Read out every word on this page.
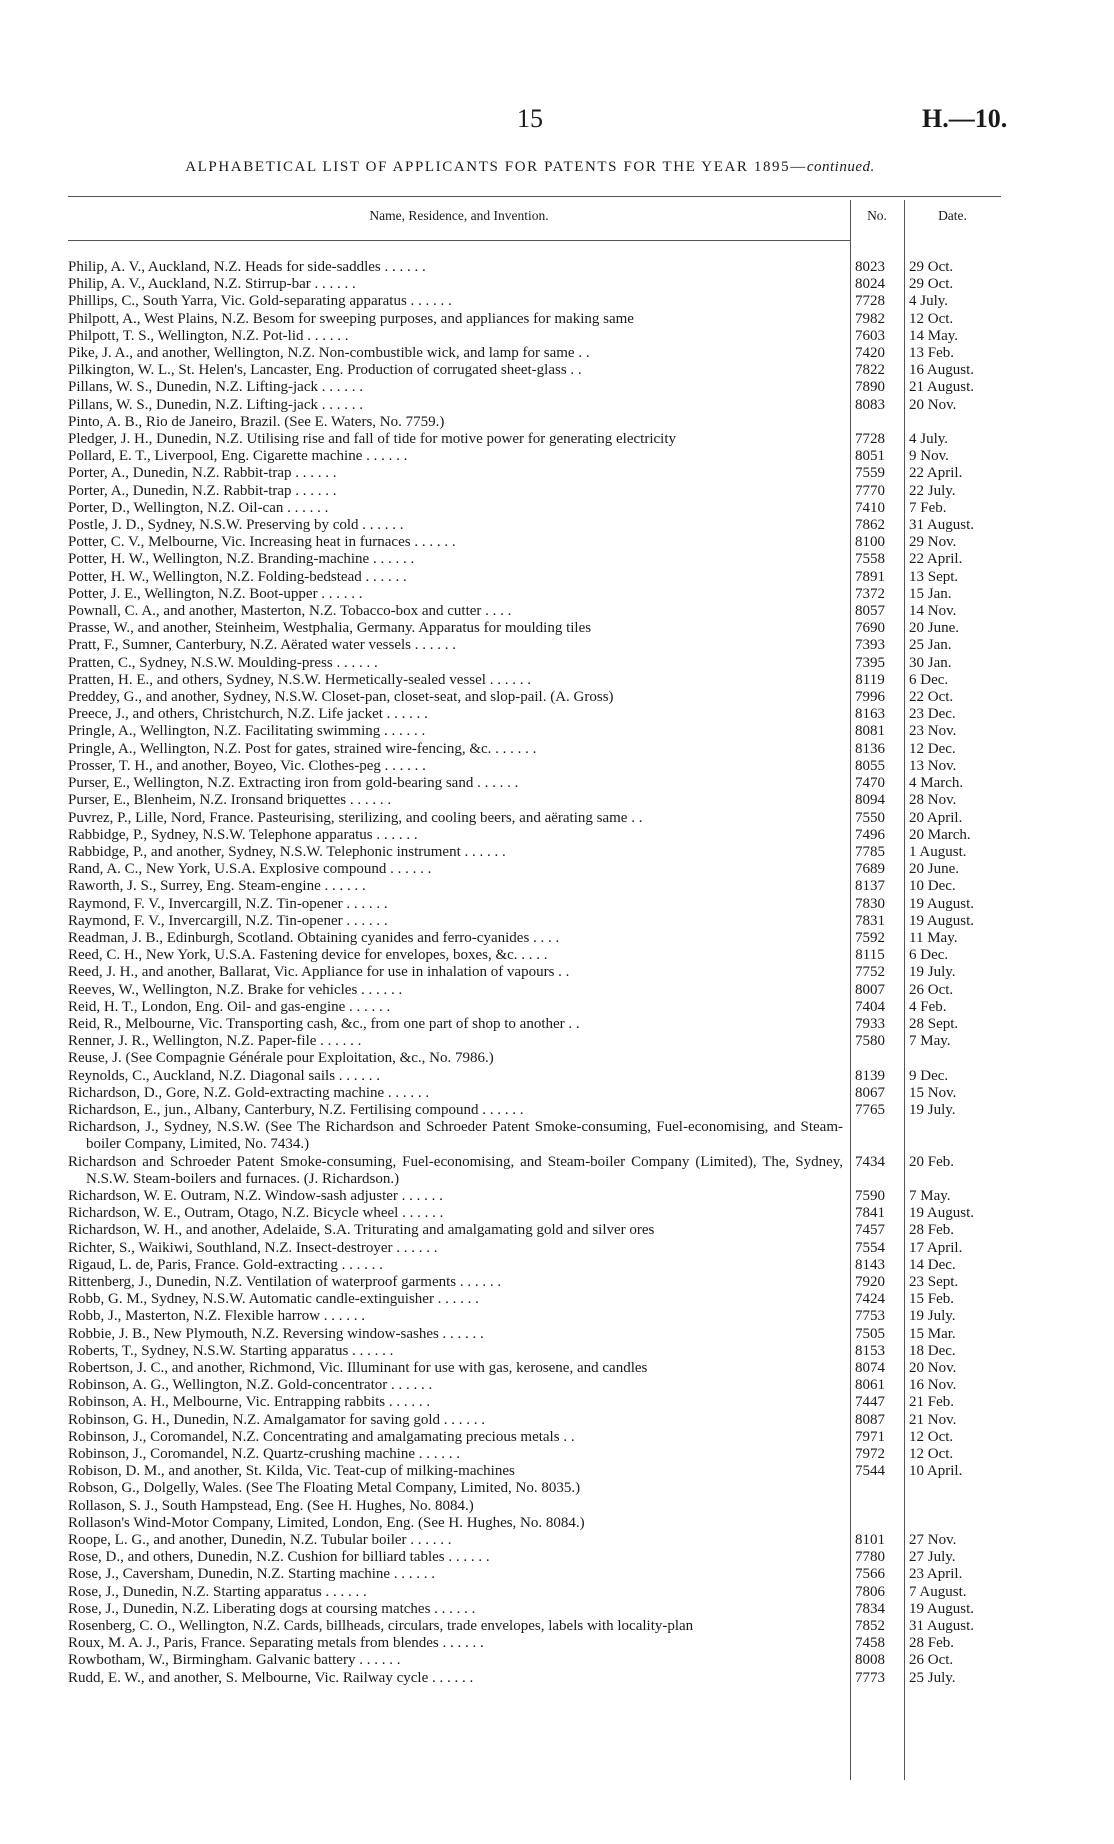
15	H.—10.
ALPHABETICAL LIST OF APPLICANTS FOR PATENTS FOR THE YEAR 1895—continued.
Name, Residence, and Invention.	No.	Date.
Philip, A. V., Auckland, N.Z. Heads for side-saddles . . . . . .	8023	29 Oct.
Philip, A. V., Auckland, N.Z. Stirrup-bar . . . . . .	8024	29 Oct.
Phillips, C., South Yarra, Vic. Gold-separating apparatus . . . . . .	7728	4 July.
Philpott, A., West Plains, N.Z. Besom for sweeping purposes, and appliances for making same	7982	12 Oct.
Philpott, T. S., Wellington, N.Z. Pot-lid . . . . . .	7603	14 May.
Pike, J. A., and another, Wellington, N.Z. Non-combustible wick, and lamp for same . .	7420	13 Feb.
Pilkington, W. L., St. Helen's, Lancaster, Eng. Production of corrugated sheet-glass . .	7822	16 August.
Pillans, W. S., Dunedin, N.Z. Lifting-jack . . . . . .	7890	21 August.
Pillans, W. S., Dunedin, N.Z. Lifting-jack . . . . . .	8083	20 Nov.
Pinto, A. B., Rio de Janeiro, Brazil. (See E. Waters, No. 7759.)
Pledger, J. H., Dunedin, N.Z. Utilising rise and fall of tide for motive power for generating electricity	7728	4 July.
Pollard, E. T., Liverpool, Eng. Cigarette machine . . . . . .	8051	9 Nov.
Porter, A., Dunedin, N.Z. Rabbit-trap . . . . . .	7559	22 April.
Porter, A., Dunedin, N.Z. Rabbit-trap . . . . . .	7770	22 July.
Porter, D., Wellington, N.Z. Oil-can . . . . . .	7410	7 Feb.
Postle, J. D., Sydney, N.S.W. Preserving by cold . . . . . .	7862	31 August.
Potter, C. V., Melbourne, Vic. Increasing heat in furnaces . . . . . .	8100	29 Nov.
Potter, H. W., Wellington, N.Z. Branding-machine . . . . . .	7558	22 April.
Potter, H. W., Wellington, N.Z. Folding-bedstead . . . . . .	7891	13 Sept.
Potter, J. E., Wellington, N.Z. Boot-upper . . . . . .	7372	15 Jan.
Pownall, C. A., and another, Masterton, N.Z. Tobacco-box and cutter . . . .	8057	14 Nov.
Prasse, W., and another, Steinheim, Westphalia, Germany. Apparatus for moulding tiles	7690	20 June.
Pratt, F., Sumner, Canterbury, N.Z. Aërated water vessels . . . . . .	7393	25 Jan.
Pratten, C., Sydney, N.S.W. Moulding-press . . . . . .	7395	30 Jan.
Pratten, H. E., and others, Sydney, N.S.W. Hermetically-sealed vessel . . . . . .	8119	6 Dec.
Preddey, G., and another, Sydney, N.S.W. Closet-pan, closet-seat, and slop-pail. (A. Gross)	7996	22 Oct.
Preece, J., and others, Christchurch, N.Z. Life jacket . . . . . .	8163	23 Dec.
Pringle, A., Wellington, N.Z. Facilitating swimming . . . . . .	8081	23 Nov.
Pringle, A., Wellington, N.Z. Post for gates, strained wire-fencing, &c. . . . . . .	8136	12 Dec.
Prosser, T. H., and another, Boyeo, Vic. Clothes-peg . . . . . .	8055	13 Nov.
Purser, E., Wellington, N.Z. Extracting iron from gold-bearing sand . . . . . .	7470	4 March.
Purser, E., Blenheim, N.Z. Ironsand briquettes . . . . . .	8094	28 Nov.
Puvrez, P., Lille, Nord, France. Pasteurising, sterilizing, and cooling beers, and aërating same . .	7550	20 April.
Rabbidge, P., Sydney, N.S.W. Telephone apparatus . . . . . .	7496	20 March.
Rabbidge, P., and another, Sydney, N.S.W. Telephonic instrument . . . . . .	7785	1 August.
Rand, A. C., New York, U.S.A. Explosive compound . . . . . .	7689	20 June.
Raworth, J. S., Surrey, Eng. Steam-engine . . . . . .	8137	10 Dec.
Raymond, F. V., Invercargill, N.Z. Tin-opener . . . . . .	7830	19 August.
Raymond, F. V., Invercargill, N.Z. Tin-opener . . . . . .	7831	19 August.
Readman, J. B., Edinburgh, Scotland. Obtaining cyanides and ferro-cyanides . . . .	7592	11 May.
Reed, C. H., New York, U.S.A. Fastening device for envelopes, boxes, &c. . . . .	8115	6 Dec.
Reed, J. H., and another, Ballarat, Vic. Appliance for use in inhalation of vapours . .	7752	19 July.
Reeves, W., Wellington, N.Z. Brake for vehicles . . . . . .	8007	26 Oct.
Reid, H. T., London, Eng. Oil- and gas-engine . . . . . .	7404	4 Feb.
Reid, R., Melbourne, Vic. Transporting cash, &c., from one part of shop to another . .	7933	28 Sept.
Renner, J. R., Wellington, N.Z. Paper-file . . . . . .	7580	7 May.
Reuse, J. (See Compagnie Générale pour Exploitation, &c., No. 7986.)
Reynolds, C., Auckland, N.Z. Diagonal sails . . . . . .	8139	9 Dec.
Richardson, D., Gore, N.Z. Gold-extracting machine . . . . . .	8067	15 Nov.
Richardson, E., jun., Albany, Canterbury, N.Z. Fertilising compound . . . . . .	7765	19 July.
Richardson, J., Sydney, N.S.W. (See The Richardson and Schroeder Patent Smoke-consuming, Fuel-economising, and Steam-boiler Company, Limited, No. 7434.)
Richardson and Schroeder Patent Smoke-consuming, Fuel-economising, and Steam-boiler Company (Limited), The, Sydney, N.S.W. Steam-boilers and furnaces. (J. Richardson.)
7434	20 Feb.
Richardson, W. E. Outram, N.Z. Window-sash adjuster . . . . . .	7590	7 May.
Richardson, W. E., Outram, Otago, N.Z. Bicycle wheel . . . . . .	7841	19 August.
Richardson, W. H., and another, Adelaide, S.A. Triturating and amalgamating gold and silver ores	7457	28 Feb.
Richter, S., Waikiwi, Southland, N.Z. Insect-destroyer . . . . . .	7554	17 April.
Rigaud, L. de, Paris, France. Gold-extracting . . . . . .	8143	14 Dec.
Rittenberg, J., Dunedin, N.Z. Ventilation of waterproof garments . . . . . .	7920	23 Sept.
Robb, G. M., Sydney, N.S.W. Automatic candle-extinguisher . . . . . .	7424	15 Feb.
Robb, J., Masterton, N.Z. Flexible harrow . . . . . .	7753	19 July.
Robbie, J. B., New Plymouth, N.Z. Reversing window-sashes . . . . . .	7505	15 Mar.
Roberts, T., Sydney, N.S.W. Starting apparatus . . . . . .	8153	18 Dec.
Robertson, J. C., and another, Richmond, Vic. Illuminant for use with gas, kerosene, and candles	8074	20 Nov.
Robinson, A. G., Wellington, N.Z. Gold-concentrator . . . . . .	8061	16 Nov.
Robinson, A. H., Melbourne, Vic. Entrapping rabbits . . . . . .	7447	21 Feb.
Robinson, G. H., Dunedin, N.Z. Amalgamator for saving gold . . . . . .	8087	21 Nov.
Robinson, J., Coromandel, N.Z. Concentrating and amalgamating precious metals . .	7971	12 Oct.
Robinson, J., Coromandel, N.Z. Quartz-crushing machine . . . . . .	7972	12 Oct.
Robison, D. M., and another, St. Kilda, Vic. Teat-cup of milking-machines	7544	10 April.
Robson, G., Dolgelly, Wales. (See The Floating Metal Company, Limited, No. 8035.)
Rollason, S. J., South Hampstead, Eng. (See H. Hughes, No. 8084.)
Rollason's Wind-Motor Company, Limited, London, Eng. (See H. Hughes, No. 8084.)
Roope, L. G., and another, Dunedin, N.Z. Tubular boiler . . . . . .	8101	27 Nov.
Rose, D., and others, Dunedin, N.Z. Cushion for billiard tables . . . . . .	7780	27 July.
Rose, J., Caversham, Dunedin, N.Z. Starting machine . . . . . .	7566	23 April.
Rose, J., Dunedin, N.Z. Starting apparatus . . . . . .	7806	7 August.
Rose, J., Dunedin, N.Z. Liberating dogs at coursing matches . . . . . .	7834	19 August.
Rosenberg, C. O., Wellington, N.Z. Cards, billheads, circulars, trade envelopes, labels with locality-plan	7852	31 August.
Roux, M. A. J., Paris, France. Separating metals from blendes . . . . . .	7458	28 Feb.
Rowbotham, W., Birmingham. Galvanic battery . . . . . .	8008	26 Oct.
Rudd, E. W., and another, S. Melbourne, Vic. Railway cycle . . . . . .	7773	25 July.
